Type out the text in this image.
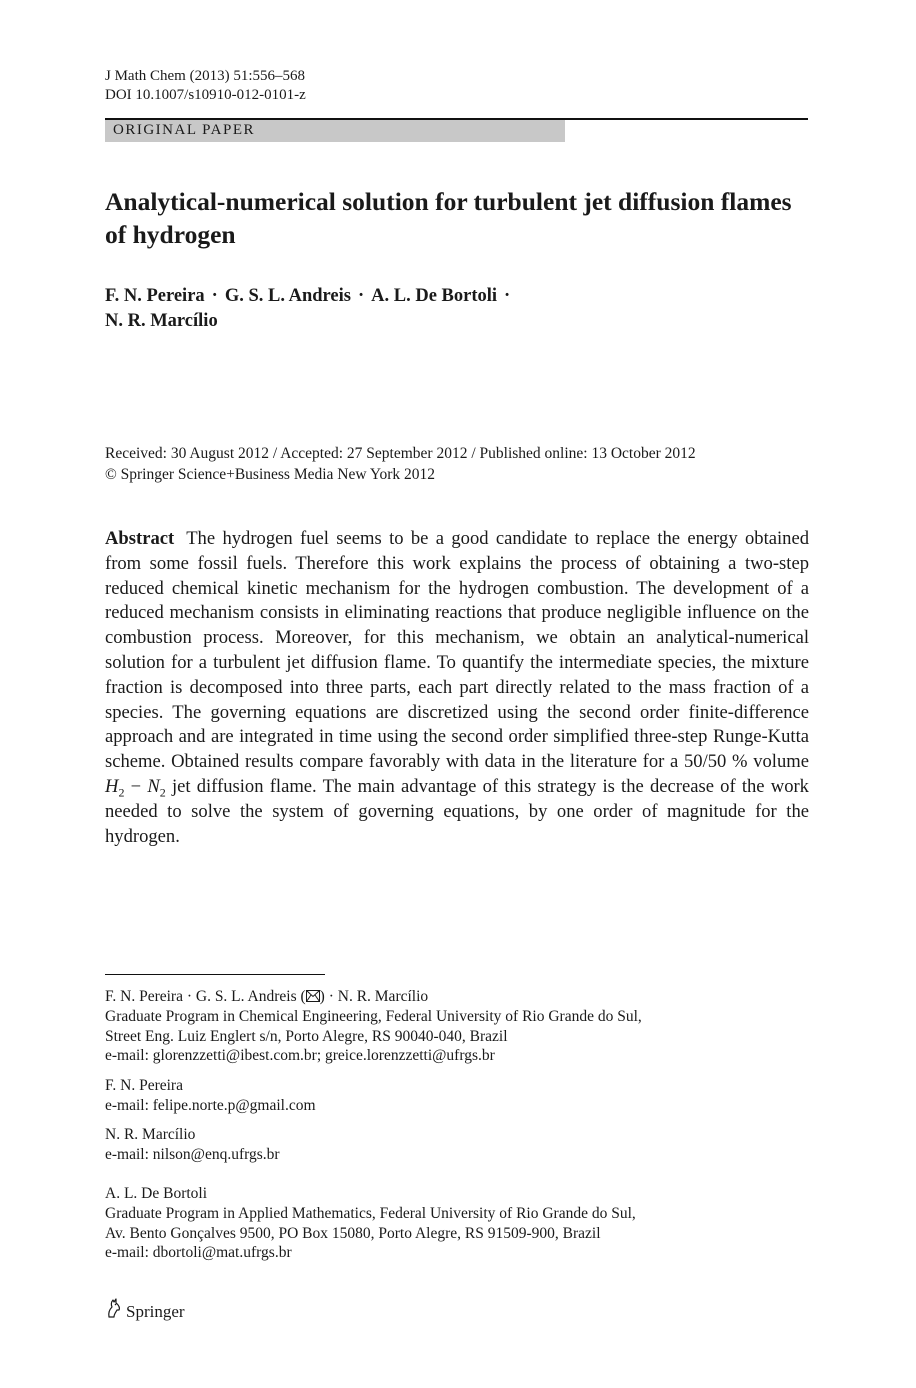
J Math Chem (2013) 51:556–568
DOI 10.1007/s10910-012-0101-z
ORIGINAL PAPER
Analytical-numerical solution for turbulent jet diffusion flames of hydrogen
F. N. Pereira · G. S. L. Andreis · A. L. De Bortoli ·
N. R. Marcílio
Received: 30 August 2012 / Accepted: 27 September 2012 / Published online: 13 October 2012
© Springer Science+Business Media New York 2012
Abstract The hydrogen fuel seems to be a good candidate to replace the energy obtained from some fossil fuels. Therefore this work explains the process of obtaining a two-step reduced chemical kinetic mechanism for the hydrogen combustion. The development of a reduced mechanism consists in eliminating reactions that produce negligible influence on the combustion process. Moreover, for this mechanism, we obtain an analytical-numerical solution for a turbulent jet diffusion flame. To quantify the intermediate species, the mixture fraction is decomposed into three parts, each part directly related to the mass fraction of a species. The governing equations are discretized using the second order finite-difference approach and are integrated in time using the second order simplified three-step Runge-Kutta scheme. Obtained results compare favorably with data in the literature for a 50/50 % volume $H_2 - N_2$ jet diffusion flame. The main advantage of this strategy is the decrease of the work needed to solve the system of governing equations, by one order of magnitude for the hydrogen.
F. N. Pereira · G. S. L. Andreis ( ) · N. R. Marcílio
Graduate Program in Chemical Engineering, Federal University of Rio Grande do Sul,
Street Eng. Luiz Englert s/n, Porto Alegre, RS 90040-040, Brazil
e-mail: glorenzzetti@ibest.com.br; greice.lorenzzetti@ufrgs.br
F. N. Pereira
e-mail: felipe.norte.p@gmail.com
N. R. Marcílio
e-mail: nilson@enq.ufrgs.br
A. L. De Bortoli
Graduate Program in Applied Mathematics, Federal University of Rio Grande do Sul,
Av. Bento Gonçalves 9500, PO Box 15080, Porto Alegre, RS 91509-900, Brazil
e-mail: dbortoli@mat.ufrgs.br
Springer
